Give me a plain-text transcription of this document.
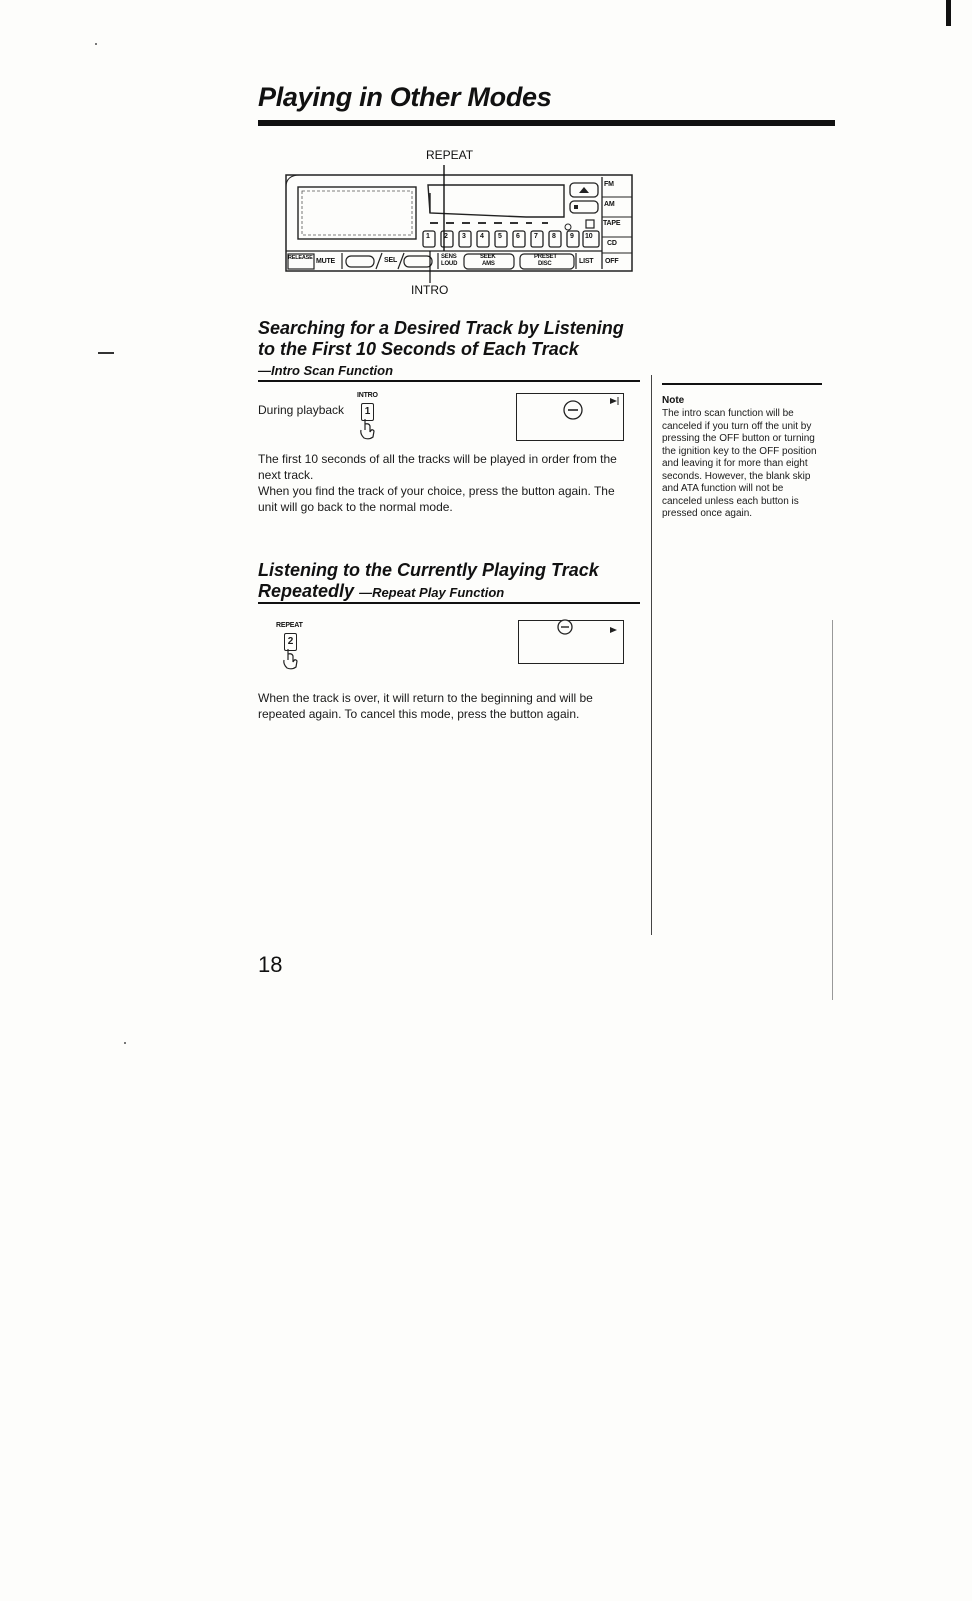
Playing in Other Modes
REPEAT
INTRO
FM
AM
TAPE
CD
OFF
RELEASE MUTE	SEL	SENS
LOUD
SEEK
AMS
PRESET
DISC	LIST
1 2 3 4 5 6 7 8 9 10
Searching for a Desired Track by Listening
to the First 10 Seconds of Each Track
—Intro Scan Function
During playback
INTRO
1
The first 10 seconds of all the tracks will be played in order from the next track.
When you find the track of your choice, press the button again. The unit will go back to the normal mode.
Note
The intro scan function will be canceled if you turn off the unit by pressing the OFF button or turning the ignition key to the OFF position and leaving it for more than eight seconds. However, the blank skip and ATA function will not be canceled unless each button is pressed once again.
Listening to the Currently Playing Track
Repeatedly —Repeat Play Function
REPEAT
2
When the track is over, it will return to the beginning and will be repeated again. To cancel this mode, press the button again.
18
